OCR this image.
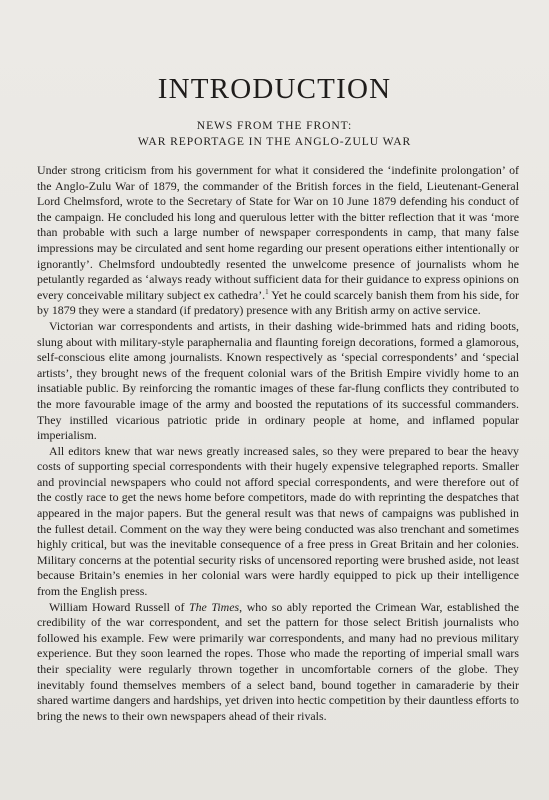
INTRODUCTION
NEWS FROM THE FRONT:
WAR REPORTAGE IN THE ANGLO-ZULU WAR

Under strong criticism from his government for what it considered the ‘indefinite prolongation’ of the Anglo-Zulu War of 1879, the commander of the British forces in the field, Lieutenant-General Lord Chelmsford, wrote to the Secretary of State for War on 10 June 1879 defending his conduct of the campaign. He concluded his long and querulous letter with the bitter reflection that it was ‘more than probable with such a large number of newspaper correspondents in camp, that many false impressions may be circulated and sent home regarding our present operations either intentionally or ignorantly’. Chelmsford undoubtedly resented the unwelcome presence of journalists whom he petulantly regarded as ‘always ready without sufficient data for their guidance to express opinions on every conceivable military subject ex cathedra’.$^1$ Yet he could scarcely banish them from his side, for by 1879 they were a standard (if predatory) presence with any British army on active service.

Victorian war correspondents and artists, in their dashing wide-brimmed hats and riding boots, slung about with military-style paraphernalia and flaunting foreign decorations, formed a glamorous, self-conscious elite among journalists. Known respectively as ‘special correspondents’ and ‘special artists’, they brought news of the frequent colonial wars of the British Empire vividly home to an insatiable public. By reinforcing the romantic images of these far-flung conflicts they contributed to the more favourable image of the army and boosted the reputations of its successful commanders. They instilled vicarious patriotic pride in ordinary people at home, and inflamed popular imperialism.

All editors knew that war news greatly increased sales, so they were prepared to bear the heavy costs of supporting special correspondents with their hugely expensive telegraphed reports. Smaller and provincial newspapers who could not afford special correspondents, and were therefore out of the costly race to get the news home before competitors, made do with reprinting the despatches that appeared in the major papers. But the general result was that news of campaigns was published in the fullest detail. Comment on the way they were being conducted was also trenchant and sometimes highly critical, but was the inevitable consequence of a free press in Great Britain and her colonies. Military concerns at the potential security risks of uncensored reporting were brushed aside, not least because Britain’s enemies in her colonial wars were hardly equipped to pick up their intelligence from the English press.

William Howard Russell of The Times, who so ably reported the Crimean War, established the credibility of the war correspondent, and set the pattern for those select British journalists who followed his example. Few were primarily war correspondents, and many had no previous military experience. But they soon learned the ropes. Those who made the reporting of imperial small wars their speciality were regularly thrown together in uncomfortable corners of the globe. They inevitably found themselves members of a select band, bound together in camaraderie by their shared wartime dangers and hardships, yet driven into hectic competition by their dauntless efforts to bring the news to their own newspapers ahead of their rivals.
